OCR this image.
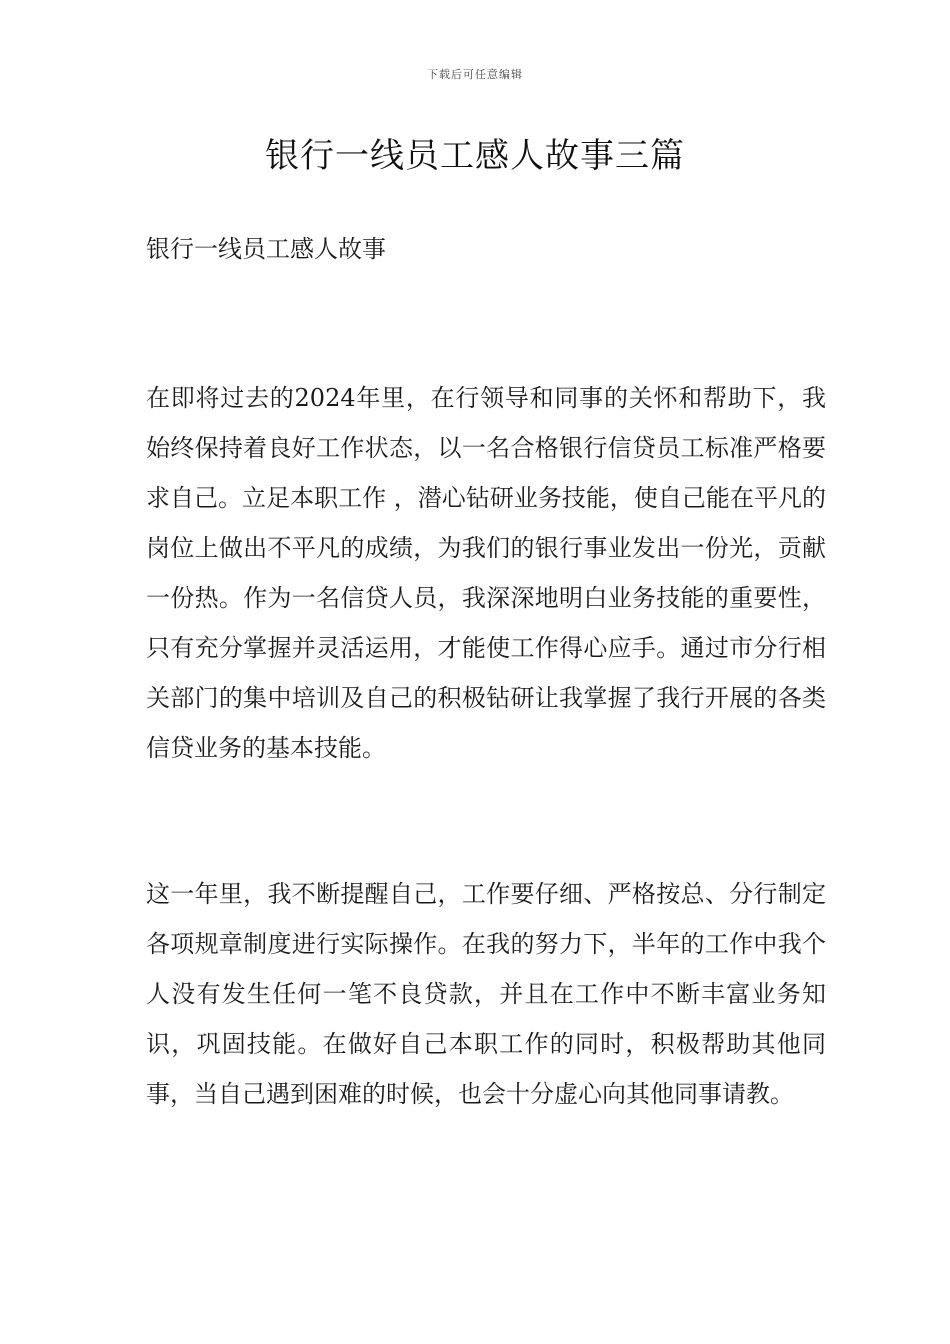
下载后可任意编辑
银行一线员工感人故事三篇

银行一线员工感人故事

在即将过去的2024年里，在行领导和同事的关怀和帮助下，我始终保持着良好工作状态，以一名合格银行信贷员工标准严格要求自己。立足本职工作 ，潜心钻研业务技能，使自己能在平凡的岗位上做出不平凡的成绩，为我们的银行事业发出一份光，贡献一份热。作为一名信贷人员，我深深地明白业务技能的重要性，只有充分掌握并灵活运用，才能使工作得心应手。通过市分行相关部门的集中培训及自己的积极钻研让我掌握了我行开展的各类信贷业务的基本技能。

这一年里，我不断提醒自己，工作要仔细、严格按总、分行制定各项规章制度进行实际操作。在我的努力下，半年的工作中我个人没有发生任何一笔不良贷款，并且在工作中不断丰富业务知识，巩固技能。在做好自己本职工作的同时，积极帮助其他同事，当自己遇到困难的时候，也会十分虚心向其他同事请教。
